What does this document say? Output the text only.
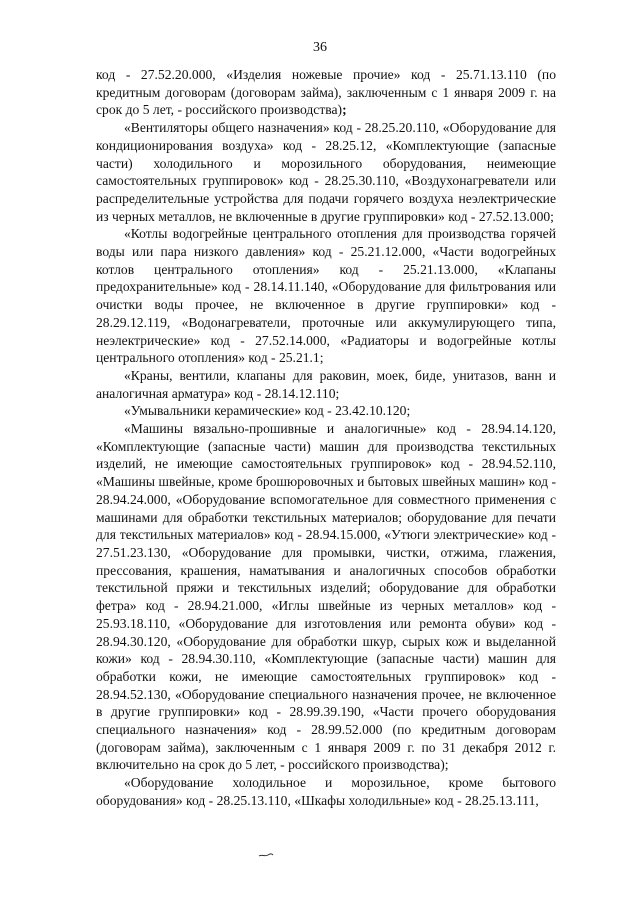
36

код - 27.52.20.000, «Изделия ножевые прочие» код - 25.71.13.110 (по кредитным договорам (договорам займа), заключенным с 1 января 2009 г. на срок до 5 лет, - российского производства);

«Вентиляторы общего назначения» код - 28.25.20.110, «Оборудование для кондиционирования воздуха» код - 28.25.12, «Комплектующие (запасные части) холодильного и морозильного оборудования, неимеющие самостоятельных группировок» код - 28.25.30.110, «Воздухонагреватели или распределительные устройства для подачи горячего воздуха неэлектрические из черных металлов, не включенные в другие группировки» код - 27.52.13.000;

«Котлы водогрейные центрального отопления для производства горячей воды или пара низкого давления» код - 25.21.12.000, «Части водогрейных котлов центрального отопления» код - 25.21.13.000, «Клапаны предохранительные» код - 28.14.11.140, «Оборудование для фильтрования или очистки воды прочее, не включенное в другие группировки» код - 28.29.12.119, «Водонагреватели, проточные или аккумулирующего типа, неэлектрические» код - 27.52.14.000, «Радиаторы и водогрейные котлы центрального отопления» код - 25.21.1;

«Краны, вентили, клапаны для раковин, моек, биде, унитазов, ванн и аналогичная арматура» код - 28.14.12.110;

«Умывальники керамические» код - 23.42.10.120;

«Машины вязально-прошивные и аналогичные» код - 28.94.14.120, «Комплектующие (запасные части) машин для производства текстильных изделий, не имеющие самостоятельных группировок» код - 28.94.52.110, «Машины швейные, кроме брошюровочных и бытовых швейных машин» код - 28.94.24.000, «Оборудование вспомогательное для совместного применения с машинами для обработки текстильных материалов; оборудование для печати для текстильных материалов» код - 28.94.15.000, «Утюги электрические» код - 27.51.23.130, «Оборудование для промывки, чистки, отжима, глажения, прессования, крашения, наматывания и аналогичных способов обработки текстильной пряжи и текстильных изделий; оборудование для обработки фетра» код - 28.94.21.000, «Иглы швейные из черных металлов» код - 25.93.18.110, «Оборудование для изготовления или ремонта обуви» код - 28.94.30.120, «Оборудование для обработки шкур, сырых кож и выделанной кожи» код - 28.94.30.110, «Комплектующие (запасные части) машин для обработки кожи, не имеющие самостоятельных группировок» код - 28.94.52.130, «Оборудование специального назначения прочее, не включенное в другие группировки» код - 28.99.39.190, «Части прочего оборудования специального назначения» код - 28.99.52.000 (по кредитным договорам (договорам займа), заключенным с 1 января 2009 г. по 31 декабря 2012 г. включительно на срок до 5 лет, - российского производства);

«Оборудование холодильное и морозильное, кроме бытового оборудования» код - 28.25.13.110, «Шкафы холодильные» код - 28.25.13.111,
